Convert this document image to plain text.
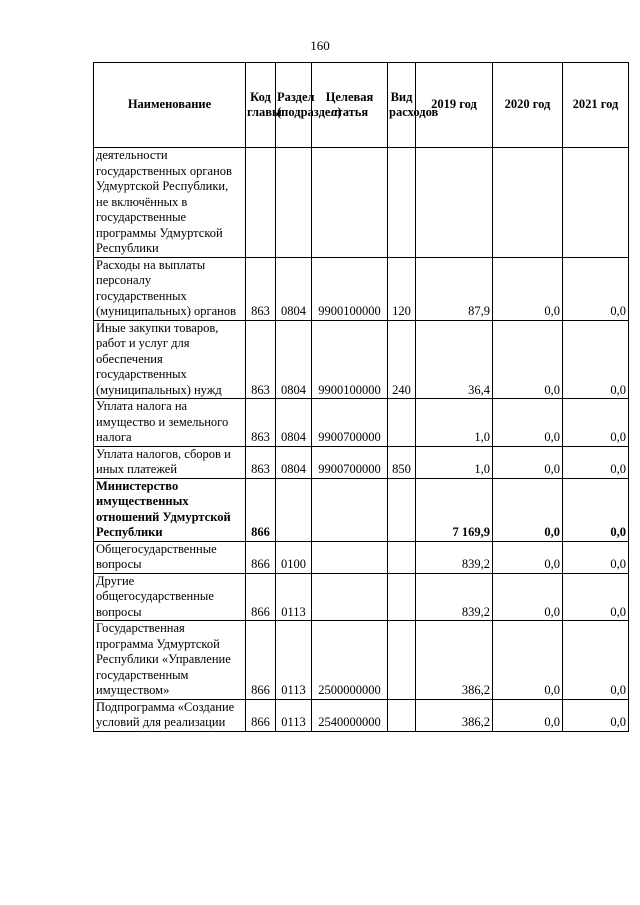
160
Наименование	Код главы	Раздел (подраздел)	Целевая статья	Вид расходов	2019 год	2020 год	2021 год
деятельности государственных органов Удмуртской Республики, не включённых в государственные программы Удмуртской Республики							
Расходы на выплаты персоналу государственных (муниципальных) органов	863	0804	9900100000	120	87,9	0,0	0,0
Иные закупки товаров, работ и услуг для обеспечения государственных (муниципальных) нужд	863	0804	9900100000	240	36,4	0,0	0,0
Уплата налога на имущество и земельного налога	863	0804	9900700000		1,0	0,0	0,0
Уплата налогов, сборов и иных платежей	863	0804	9900700000	850	1,0	0,0	0,0
Министерство имущественных отношений Удмуртской Республики	866				7 169,9	0,0	0,0
Общегосударственные вопросы	866	0100			839,2	0,0	0,0
Другие общегосударственные вопросы	866	0113			839,2	0,0	0,0
Государственная программа Удмуртской Республики «Управление государственным имуществом»	866	0113	2500000000		386,2	0,0	0,0
Подпрограмма «Создание условий для реализации	866	0113	2540000000		386,2	0,0	0,0
